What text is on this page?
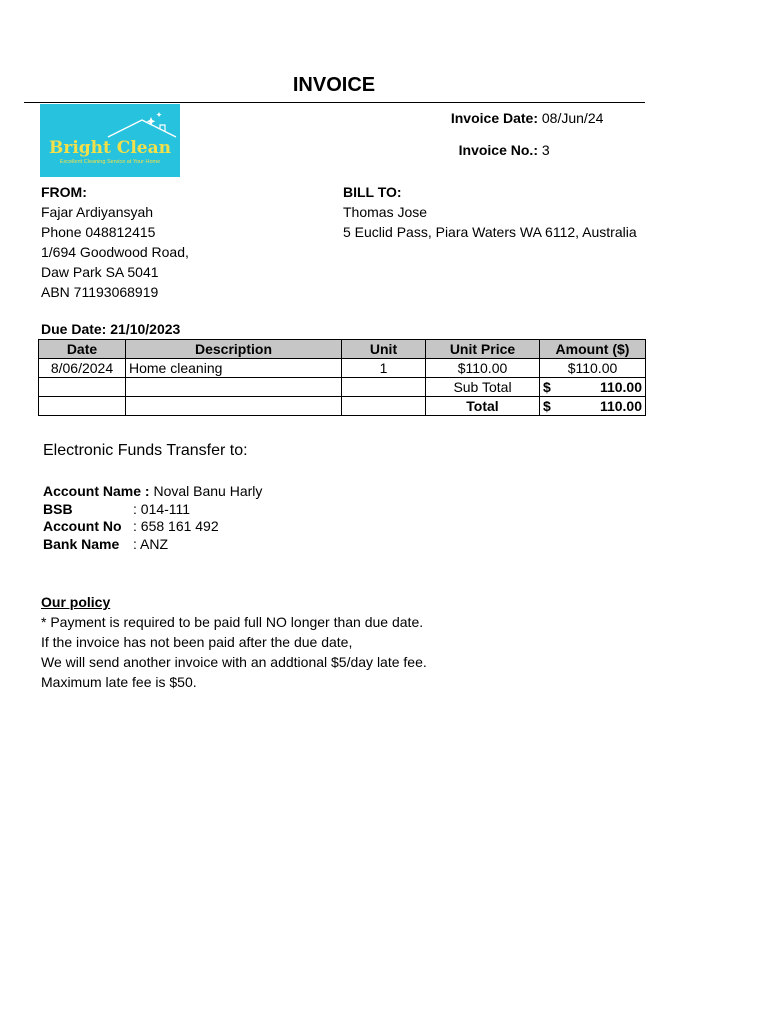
INVOICE
Bright Clean
Excellent Cleaning Service at Your Home
Invoice Date: 08/Jun/24
Invoice No.: 3
FROM:
Fajar Ardiyansyah
Phone 048812415
1/694 Goodwood Road,
Daw Park SA 5041
ABN 71193068919
BILL TO:
Thomas Jose
5 Euclid Pass, Piara Waters WA 6112, Australia
Due Date: 21/10/2023
Date	Description	Unit	Unit Price	Amount ($)
8/06/2024	Home cleaning	1	$110.00	$110.00
			Sub Total	$ 110.00

			Total	$ 110.00
Electronic Funds Transfer to:
Account Name : Noval Banu Harly
BSB	: 014-111
Account No : 658 161 492
Bank Name : ANZ
Our policy
* Payment is required to be paid full NO longer than due date.
If the invoice has not been paid after the due date,
We will send another invoice with an addtional $5/day late fee.
Maximum late fee is $50.
